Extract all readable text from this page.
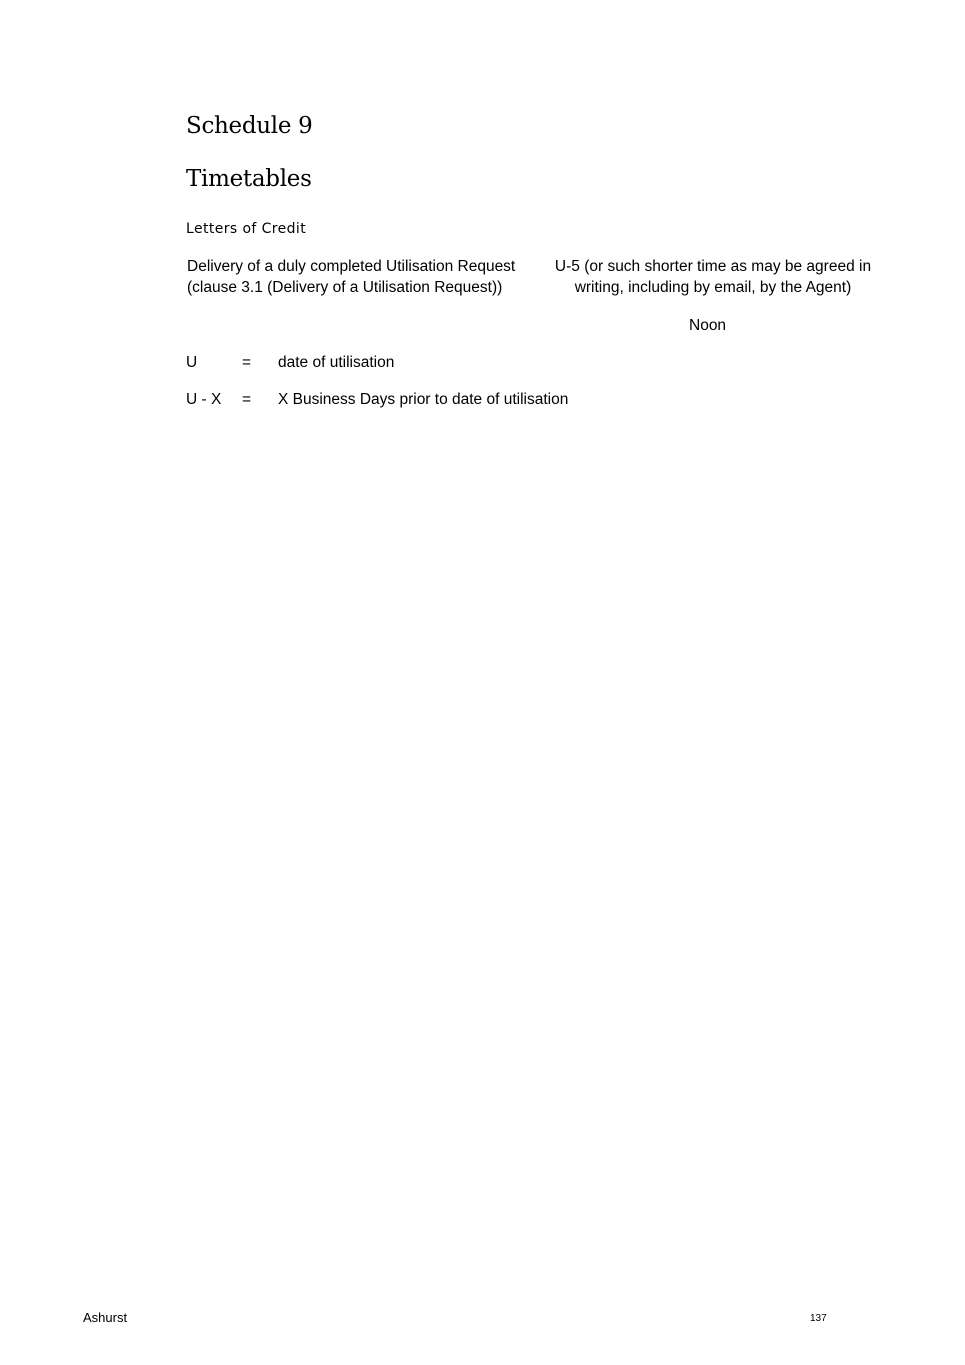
Schedule 9
Timetables
Letters of Credit
Delivery of a duly completed Utilisation Request (clause 3.1 (Delivery of a Utilisation Request))	U-5 (or such shorter time as may be agreed in writing, including by email, by the Agent)
Noon
U	=	date of utilisation
U - X	=	X Business Days prior to date of utilisation
Ashurst	137
